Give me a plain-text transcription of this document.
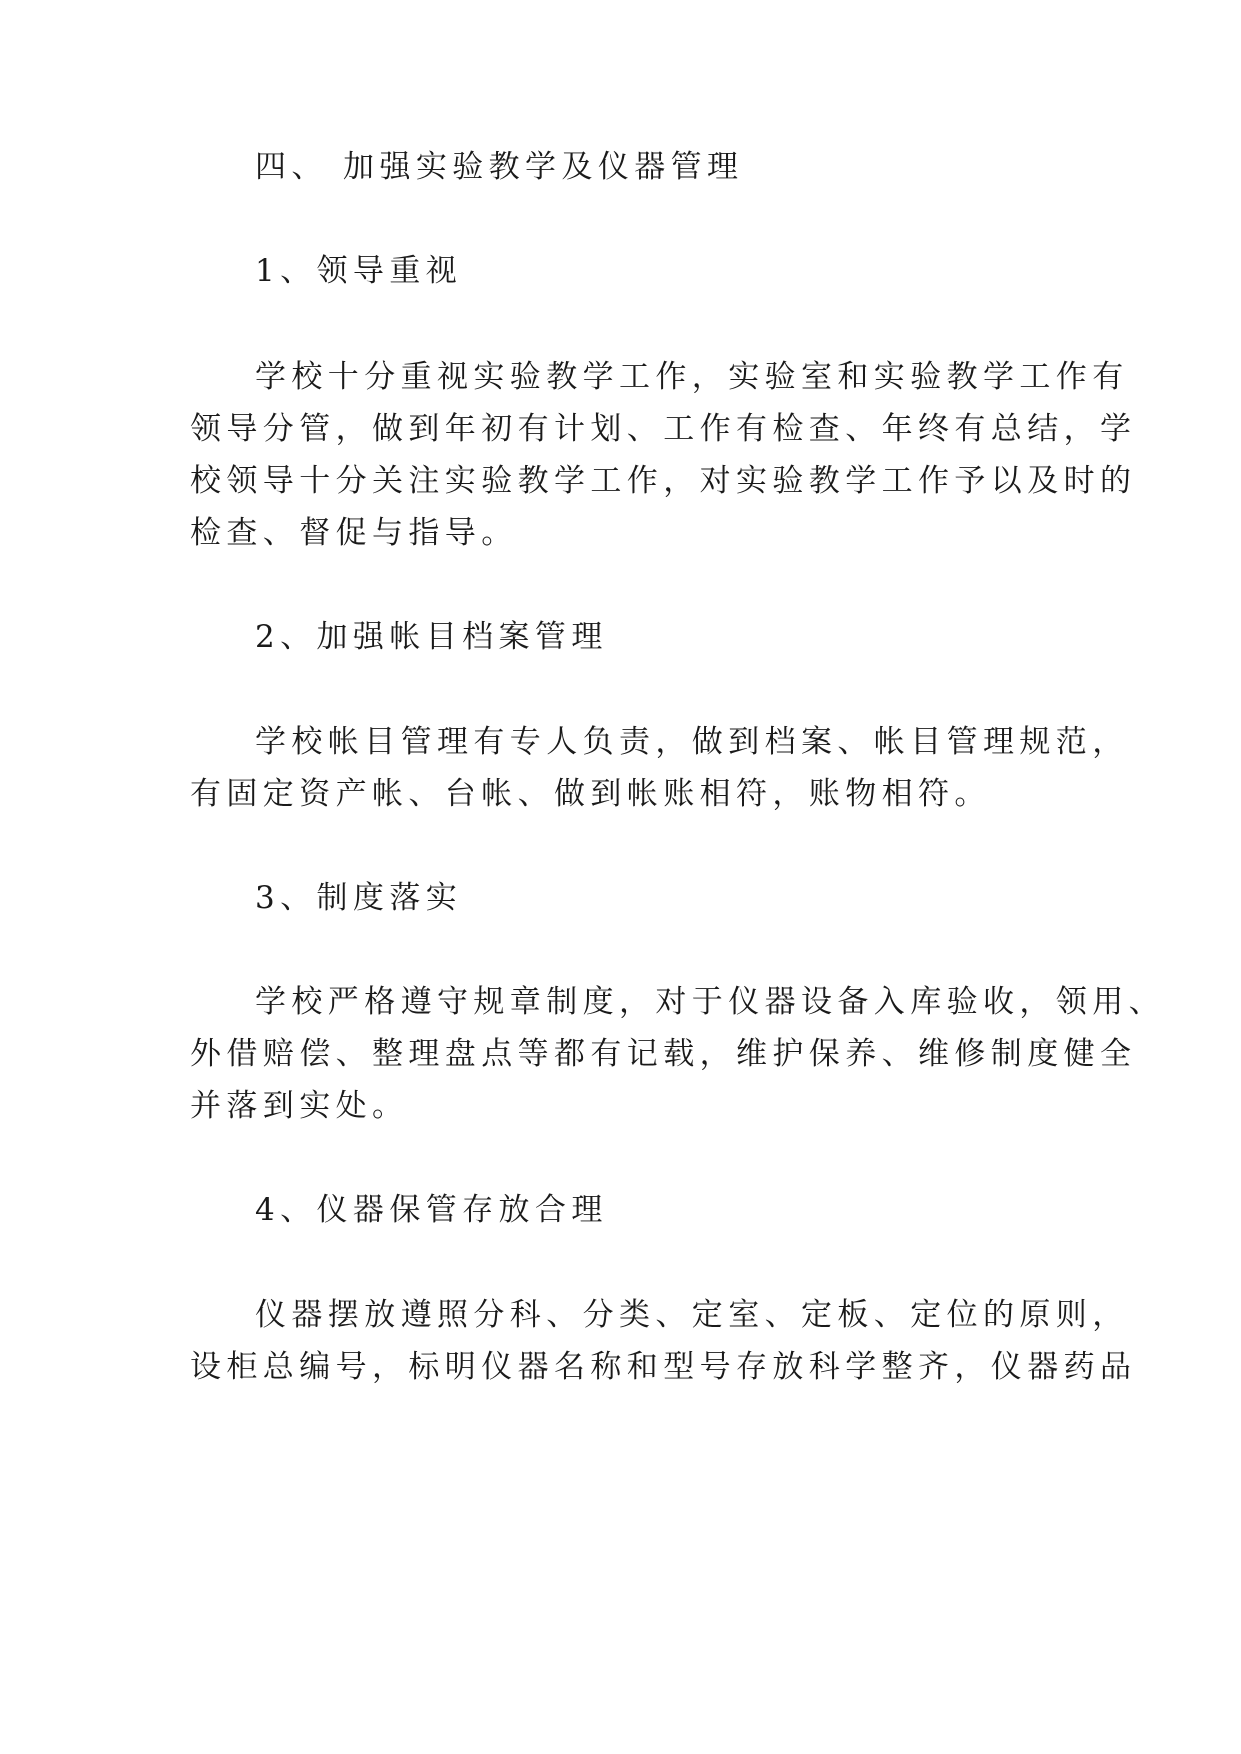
四、 加强实验教学及仪器管理
1、领导重视
学校十分重视实验教学工作，实验室和实验教学工作有
领导分管，做到年初有计划、工作有检查、年终有总结，学
校领导十分关注实验教学工作，对实验教学工作予以及时的
检查、督促与指导。
2、加强帐目档案管理
学校帐目管理有专人负责，做到档案、帐目管理规范，
有固定资产帐、台帐、做到帐账相符，账物相符。
3、制度落实
学校严格遵守规章制度，对于仪器设备入库验收，领用、
外借赔偿、整理盘点等都有记载，维护保养、维修制度健全
并落到实处。
4、仪器保管存放合理
仪器摆放遵照分科、分类、定室、定板、定位的原则，
设柜总编号，标明仪器名称和型号存放科学整齐，仪器药品
